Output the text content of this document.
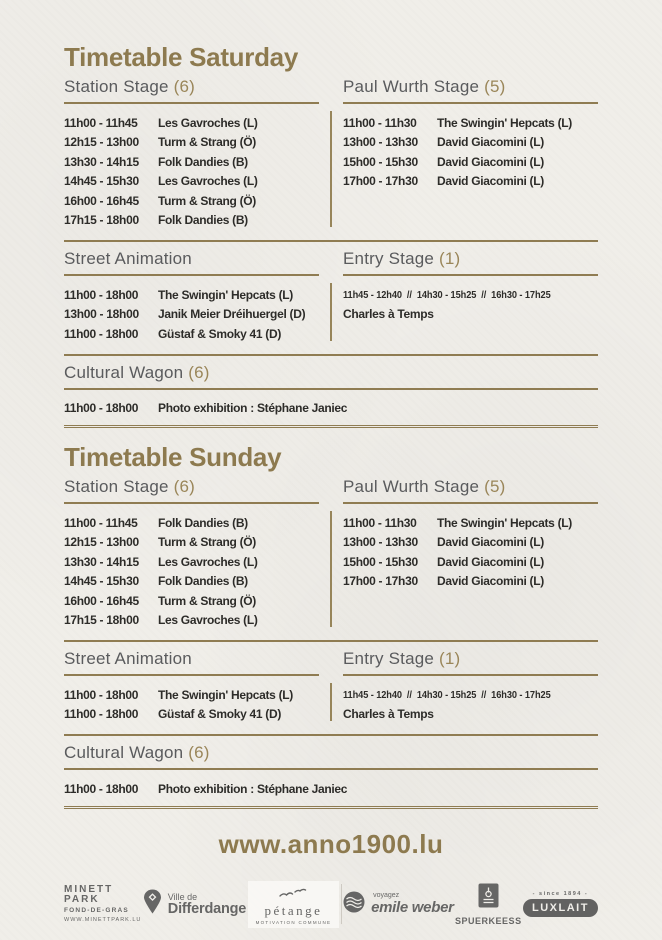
Timetable Saturday
Station Stage (6)
11h00 - 11h45	Les Gavroches (L)
12h15 - 13h00	Turm & Strang (Ö)
13h30 - 14h15	Folk Dandies (B)
14h45 - 15h30	Les Gavroches (L)
16h00 - 16h45	Turm & Strang (Ö)
17h15 - 18h00	Folk Dandies (B)
Paul Wurth Stage (5)
11h00 - 11h30	The Swingin' Hepcats (L)
13h00 - 13h30	David Giacomini (L)
15h00 - 15h30	David Giacomini (L)
17h00 - 17h30	David Giacomini (L)
Street Animation
11h00 - 18h00	The Swingin' Hepcats (L)
13h00 - 18h00	Janik Meier Dréihuergel (D)
11h00 - 18h00	Güstaf & Smoky 41 (D)
Entry Stage (1)
11h45 - 12h40  //  14h30 - 15h25  //  16h30 - 17h25
Charles à Temps
Cultural Wagon (6)
11h00 - 18h00	Photo exhibition : Stéphane Janiec
Timetable Sunday
Station Stage (6)
11h00 - 11h45	Folk Dandies (B)
12h15 - 13h00	Turm & Strang (Ö)
13h30 - 14h15	Les Gavroches (L)
14h45 - 15h30	Folk Dandies (B)
16h00 - 16h45	Turm & Strang (Ö)
17h15 - 18h00	Les Gavroches (L)
Paul Wurth Stage (5)
11h00 - 11h30	The Swingin' Hepcats (L)
13h00 - 13h30	David Giacomini (L)
15h00 - 15h30	David Giacomini (L)
17h00 - 17h30	David Giacomini (L)
Street Animation
11h00 - 18h00	The Swingin' Hepcats (L)
11h00 - 18h00	Güstaf & Smoky 41 (D)
Entry Stage (1)
11h45 - 12h40  //  14h30 - 15h25  //  16h30 - 17h25
Charles à Temps
Cultural Wagon (6)
11h00 - 18h00	Photo exhibition : Stéphane Janiec
www.anno1900.lu
MINETT
PARK
FOND-DE-GRAS
WWW.MINETTPARK.LU
Ville de
Differdange pétange
MOTIVATION COMMUNE
voyagez
emile weber
SPUERKEESS
- since 1894 -
LUXLAIT
